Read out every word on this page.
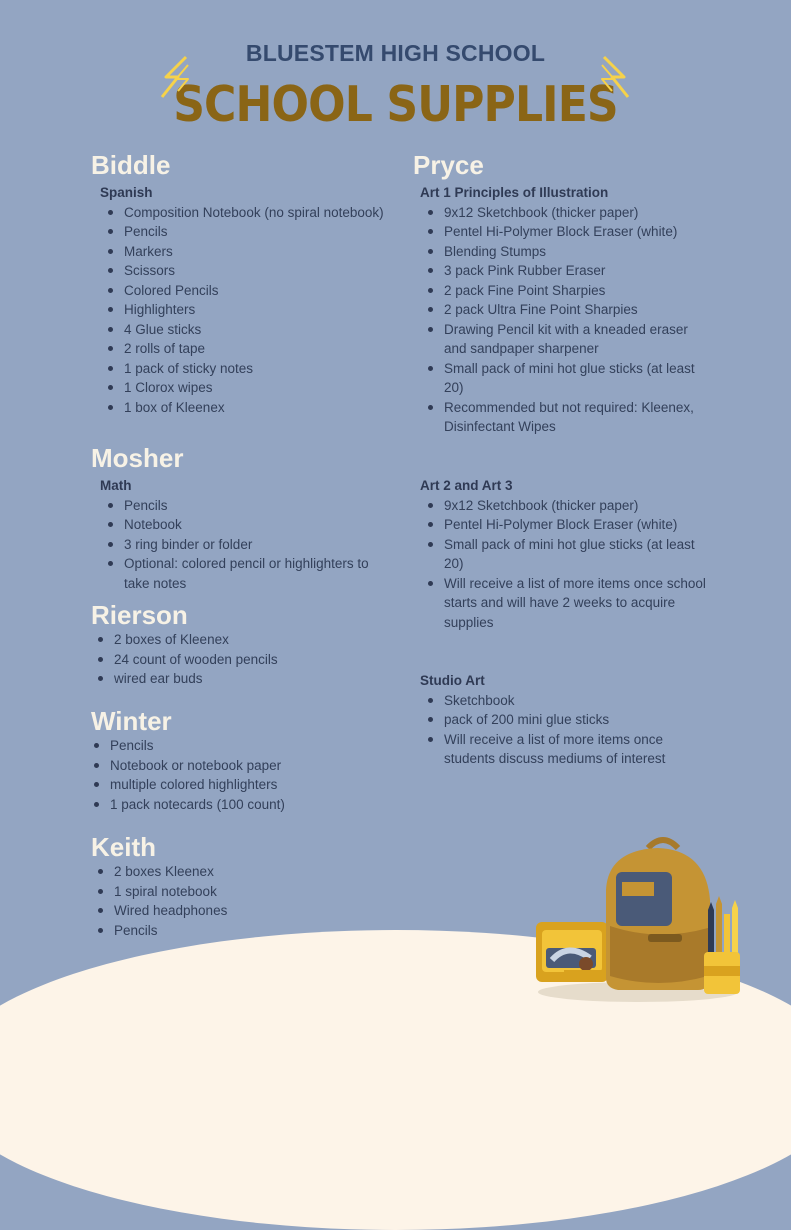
BLUESTEM HIGH SCHOOL
SCHOOL SUPPLIES
Biddle
Spanish
Composition Notebook (no spiral notebook)
Pencils
Markers
Scissors
Colored Pencils
Highlighters
4 Glue sticks
2 rolls of tape
1 pack of sticky notes
1 Clorox wipes
1 box of Kleenex
Mosher
Math
Pencils
Notebook
3 ring binder or folder
Optional: colored pencil or highlighters to take notes
Rierson
2 boxes of Kleenex
24 count of wooden pencils
wired ear buds
Winter
Pencils
Notebook or notebook paper
multiple colored highlighters
1 pack notecards (100 count)
Keith
2 boxes Kleenex
1 spiral notebook
Wired headphones
Pencils
Pryce
Art 1 Principles of Illustration
9x12 Sketchbook (thicker paper)
Pentel Hi-Polymer Block Eraser (white)
Blending Stumps
3 pack Pink Rubber Eraser
2 pack Fine Point Sharpies
2 pack Ultra Fine Point Sharpies
Drawing Pencil kit with a kneaded eraser and sandpaper sharpener
Small pack of mini hot glue sticks (at least 20)
Recommended but not required: Kleenex, Disinfectant Wipes
Art 2 and Art 3
9x12 Sketchbook (thicker paper)
Pentel Hi-Polymer Block Eraser (white)
Small pack of mini hot glue sticks (at least 20)
Will receive a list of more items once school starts and will have 2 weeks to acquire supplies
Studio Art
Sketchbook
pack of 200 mini glue sticks
Will receive a list of more items once students discuss mediums of interest
